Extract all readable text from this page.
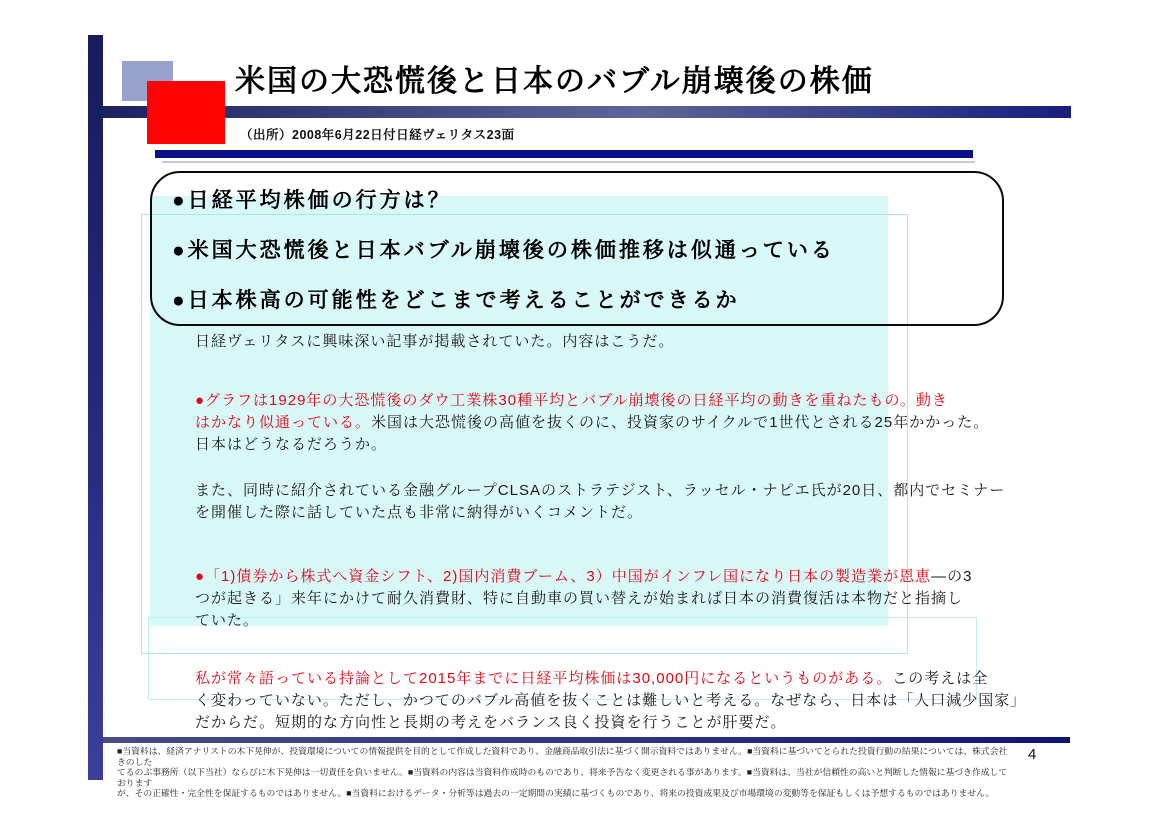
米国の大恐慌後と日本のバブル崩壊後の株価
（出所）2008年6月22日付日経ヴェリタス23面
●日経平均株価の行方は？
●米国大恐慌後と日本バブル崩壊後の株価推移は似通っている
●日本株高の可能性をどこまで考えることができるか
日経ヴェリタスに興味深い記事が掲載されていた。内容はこうだ。
●グラフは1929年の大恐慌後のダウ工業株30種平均とバブル崩壊後の日経平均の動きを重ねたもの。動き
はかなり似通っている。米国は大恐慌後の高値を抜くのに、投資家のサイクルで1世代とされる25年かかった。
日本はどうなるだろうか。
また、同時に紹介されている金融グループCLSAのストラテジスト、ラッセル・ナピエ氏が20日、都内でセミナー
を開催した際に話していた点も非常に納得がいくコメントだ。
●「1)債券から株式へ資金シフト、2)国内消費ブーム、3）中国がインフレ国になり日本の製造業が恩恵—の3
つが起きる」来年にかけて耐久消費財、特に自動車の買い替えが始まれば日本の消費復活は本物だと指摘し
ていた。
私が常々語っている持論として2015年までに日経平均株価は30,000円になるというものがある。この考えは全
く変わっていない。ただし、かつてのバブル高値を抜くことは難しいと考える。なぜなら、日本は「人口減少国家」
だからだ。短期的な方向性と長期の考えをバランス良く投資を行うことが肝要だ。
■当資料は、経済アナリストの木下晃伸が、投資環境についての情報提供を目的として作成した資料であり、金融商品取引法に基づく開示資料ではありません。■当資料に基づいてとられた投資行動の結果については、株式会社きのした
てるのぶ事務所（以下当社）ならびに木下晃伸は一切責任を負いません。■当資料の内容は当資料作成時のものであり、将来予告なく変更される事があります。■当資料は、当社が信頼性の高いと判断した情報に基づき作成しております
が、その正確性・完全性を保証するものではありません。■当資料におけるデータ・分析等は過去の一定期間の実績に基づくものであり、将来の投資成果及び市場環境の変動等を保証もしくは予想するものではありません。
4
